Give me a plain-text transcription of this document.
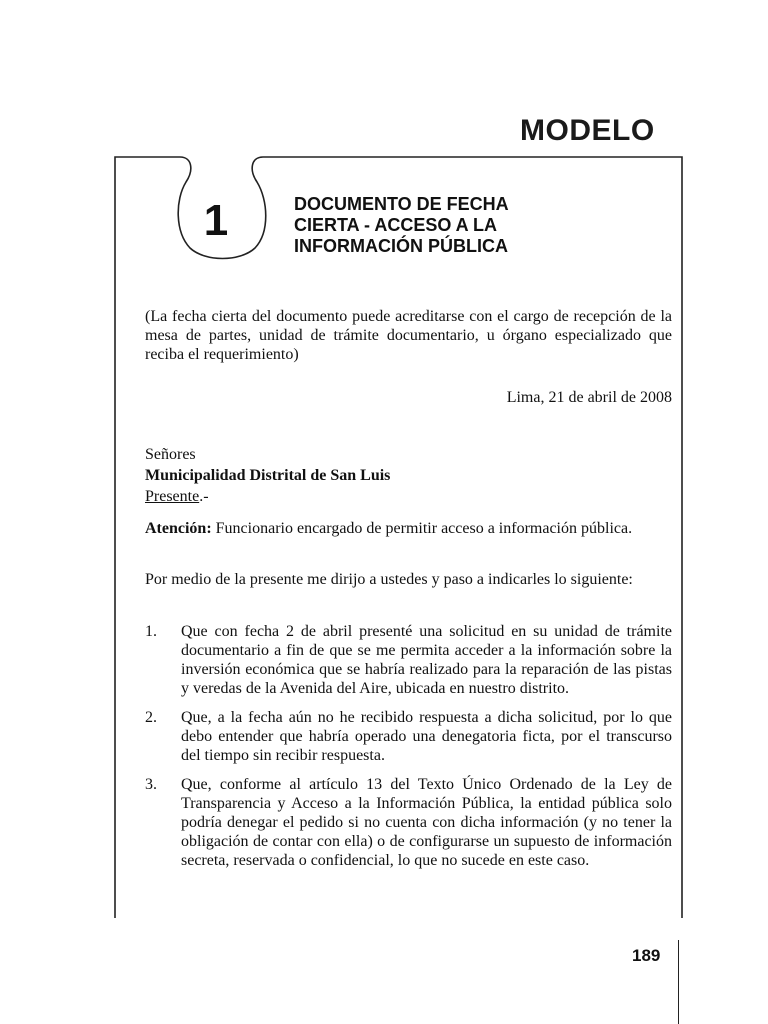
MODELO
1	DOCUMENTO DE FECHA
CIERTA - ACCESO A LA
INFORMACIÓN PÚBLICA
(La fecha cierta del documento puede acreditarse con el cargo de recepción de la mesa de partes, unidad de trámite documentario, u órgano especializado que reciba el requerimiento)
Lima, 21 de abril de 2008
Señores
Municipalidad Distrital de San Luis
Presente.-
Atención: Funcionario encargado de permitir acceso a información pública.
Por medio de la presente me dirijo a ustedes y paso a indicarles lo siguiente:
1.	Que con fecha 2 de abril presenté una solicitud en su unidad de trámite documentario a fin de que se me permita acceder a la información sobre la inversión económica que se habría realizado para la reparación de las pistas y veredas de la Avenida del Aire, ubicada en nuestro distrito.
2.	Que, a la fecha aún no he recibido respuesta a dicha solicitud, por lo que debo entender que habría operado una denegatoria ficta, por el transcurso del tiempo sin recibir respuesta.
3.	Que, conforme al artículo 13 del Texto Único Ordenado de la Ley de Transparencia y Acceso a la Información Pública, la entidad pública solo podría denegar el pedido si no cuenta con dicha información (y no tener la obligación de contar con ella) o de configurarse un supuesto de información secreta, reservada o confidencial, lo que no sucede en este caso.
189
